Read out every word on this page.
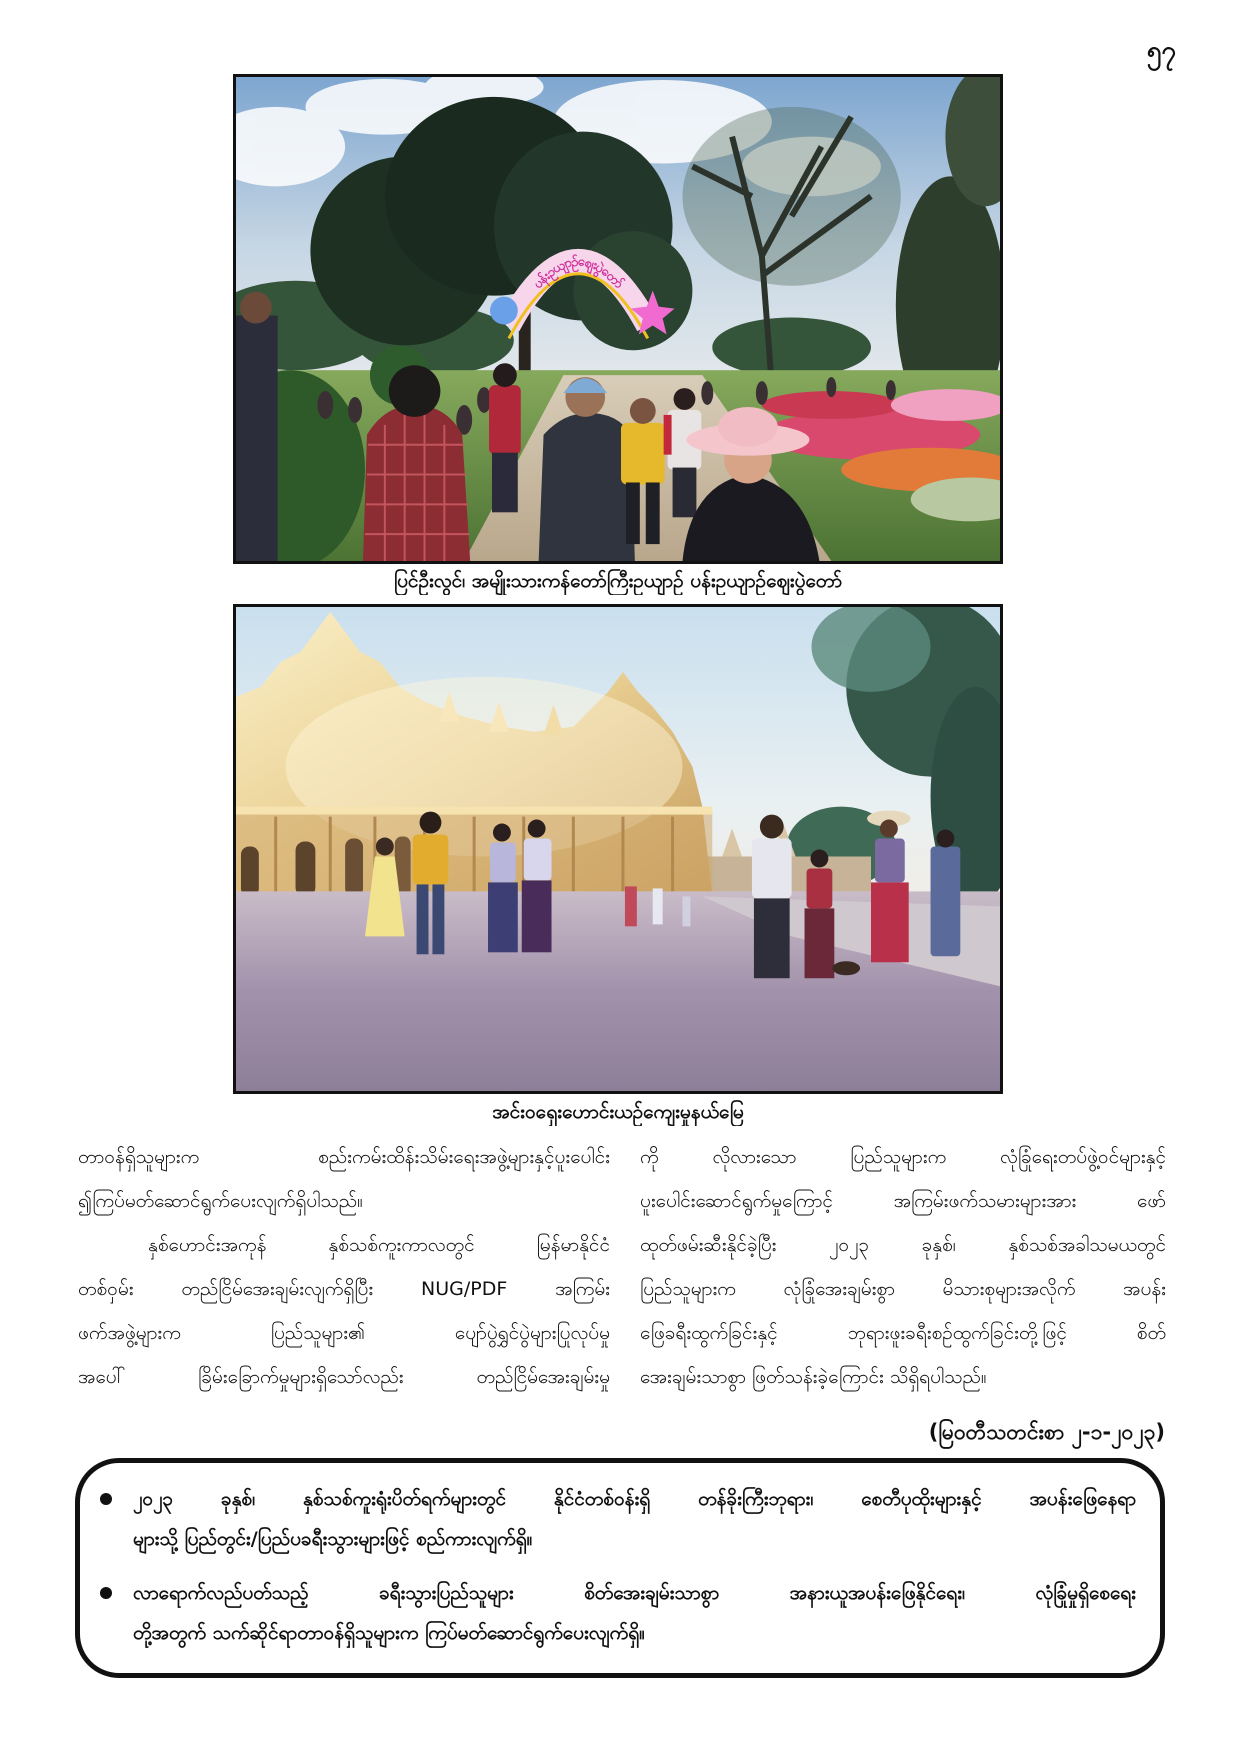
၅၇
ပန်းဥယျာဉ်ဈေးပွဲတော်
ပြင်ဦးလွင်၊ အမျိုးသားကန်တော်ကြီးဥယျာဉ် ပန်းဥယျာဉ်ဈေးပွဲတော်
အင်းဝရှေးဟောင်းယဉ်ကျေးမှုနယ်မြေ
တာဝန်ရှိသူများက စည်းကမ်းထိန်းသိမ်းရေးအဖွဲ့များနှင့်ပူးပေါင်း
၍ကြပ်မတ်ဆောင်ရွက်ပေးလျက်ရှိပါသည်။
နှစ်ဟောင်းအကုန် နှစ်သစ်ကူးကာလတွင် မြန်မာနိုင်ငံ
တစ်ဝှမ်း တည်ငြိမ်အေးချမ်းလျက်ရှိပြီး NUG/PDF အကြမ်း
ဖက်အဖွဲ့များက ပြည်သူများ၏ ပျော်ပွဲရွှင်ပွဲများပြုလုပ်မှု
အပေါ် ခြိမ်းခြောက်မှုများရှိသော်လည်း တည်ငြိမ်အေးချမ်းမှု
ကို လိုလားသော ပြည်သူများက လုံခြုံရေးတပ်ဖွဲ့ဝင်များနှင့်
ပူးပေါင်းဆောင်ရွက်မှုကြောင့် အကြမ်းဖက်သမားများအား ဖော်
ထုတ်ဖမ်းဆီးနိုင်ခဲ့ပြီး ၂၀၂၃ ခုနှစ်၊ နှစ်သစ်အခါသမယတွင်
ပြည်သူများက လုံခြုံအေးချမ်းစွာ မိသားစုများအလိုက် အပန်း
ဖြေခရီးထွက်ခြင်းနှင့် ဘုရားဖူးခရီးစဉ်ထွက်ခြင်းတို့ဖြင့် စိတ်
အေးချမ်းသာစွာ ဖြတ်သန်းခဲ့ကြောင်း သိရှိရပါသည်။
(မြဝတီသတင်းစာ ၂-၁-၂၀၂၃)
၂၀၂၃ ခုနှစ်၊ နှစ်သစ်ကူးရုံးပိတ်ရက်များတွင် နိုင်ငံတစ်ဝန်းရှိ တန်ခိုးကြီးဘုရား၊ စေတီပုထိုးများနှင့် အပန်းဖြေနေရာ
များသို့ ပြည်တွင်း/ပြည်ပခရီးသွားများဖြင့် စည်ကားလျက်ရှိ။
လာရောက်လည်ပတ်သည့် ခရီးသွားပြည်သူများ စိတ်အေးချမ်းသာစွာ အနားယူအပန်းဖြေနိုင်ရေး၊ လုံခြုံမှုရှိစေရေး
တို့အတွက် သက်ဆိုင်ရာတာဝန်ရှိသူများက ကြပ်မတ်ဆောင်ရွက်ပေးလျက်ရှိ။
